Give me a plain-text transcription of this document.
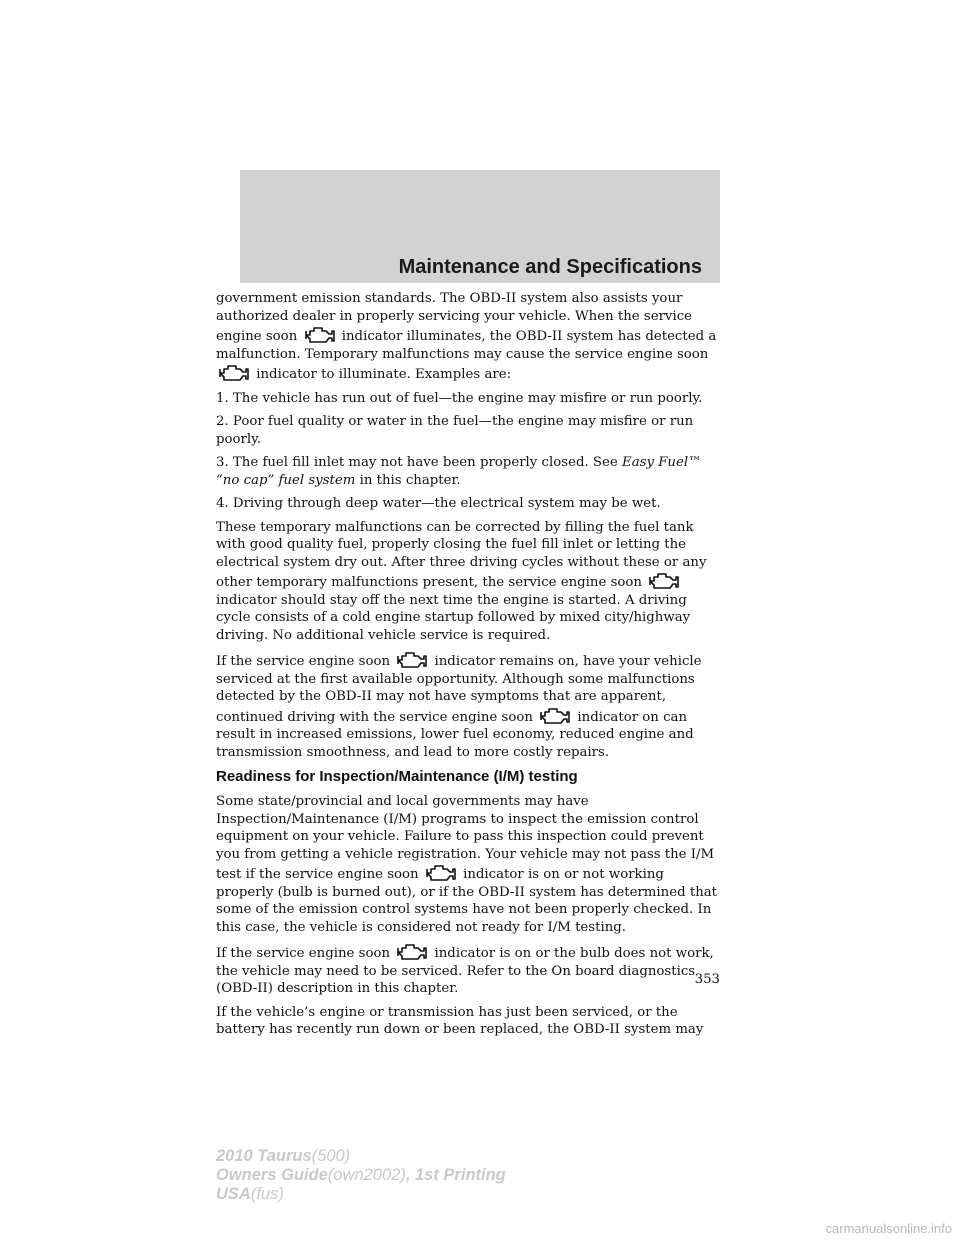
Maintenance and Specifications

government emission standards. The OBD-II system also assists your authorized dealer in properly servicing your vehicle. When the service engine soon	indicator illuminates, the OBD-II system has detected a malfunction. Temporary malfunctions may cause the service engine soon
indicator to illuminate. Examples are:

1. The vehicle has run out of fuel—the engine may misfire or run poorly.

2. Poor fuel quality or water in the fuel—the engine may misfire or run poorly.

3. The fuel fill inlet may not have been properly closed. See Easy Fuel™ “no cap” fuel system in this chapter.

4. Driving through deep water—the electrical system may be wet.

These temporary malfunctions can be corrected by filling the fuel tank with good quality fuel, properly closing the fuel fill inlet or letting the electrical system dry out. After three driving cycles without these or any other temporary malfunctions present, the service engine soon
indicator should stay off the next time the engine is started. A driving cycle consists of a cold engine startup followed by mixed city/highway driving. No additional vehicle service is required.

If the service engine soon	indicator remains on, have your vehicle serviced at the first available opportunity. Although some malfunctions detected by the OBD-II may not have symptoms that are apparent, continued driving with the service engine soon	indicator on can result in increased emissions, lower fuel economy, reduced engine and transmission smoothness, and lead to more costly repairs.

Readiness for Inspection/Maintenance (I/M) testing

Some state/provincial and local governments may have Inspection/Maintenance (I/M) programs to inspect the emission control equipment on your vehicle. Failure to pass this inspection could prevent you from getting a vehicle registration. Your vehicle may not pass the I/M test if the service engine soon	indicator is on or not working properly (bulb is burned out), or if the OBD-II system has determined that some of the emission control systems have not been properly checked. In this case, the vehicle is considered not ready for I/M testing.

If the service engine soon	indicator is on or the bulb does not work, the vehicle may need to be serviced. Refer to the On board diagnostics (OBD-II) description in this chapter.

If the vehicle’s engine or transmission has just been serviced, or the battery has recently run down or been replaced, the OBD-II system may

353
2010 Taurus(500)
Owners Guide(own2002), 1st Printing
USA(fus)
carmanualsonline.info
